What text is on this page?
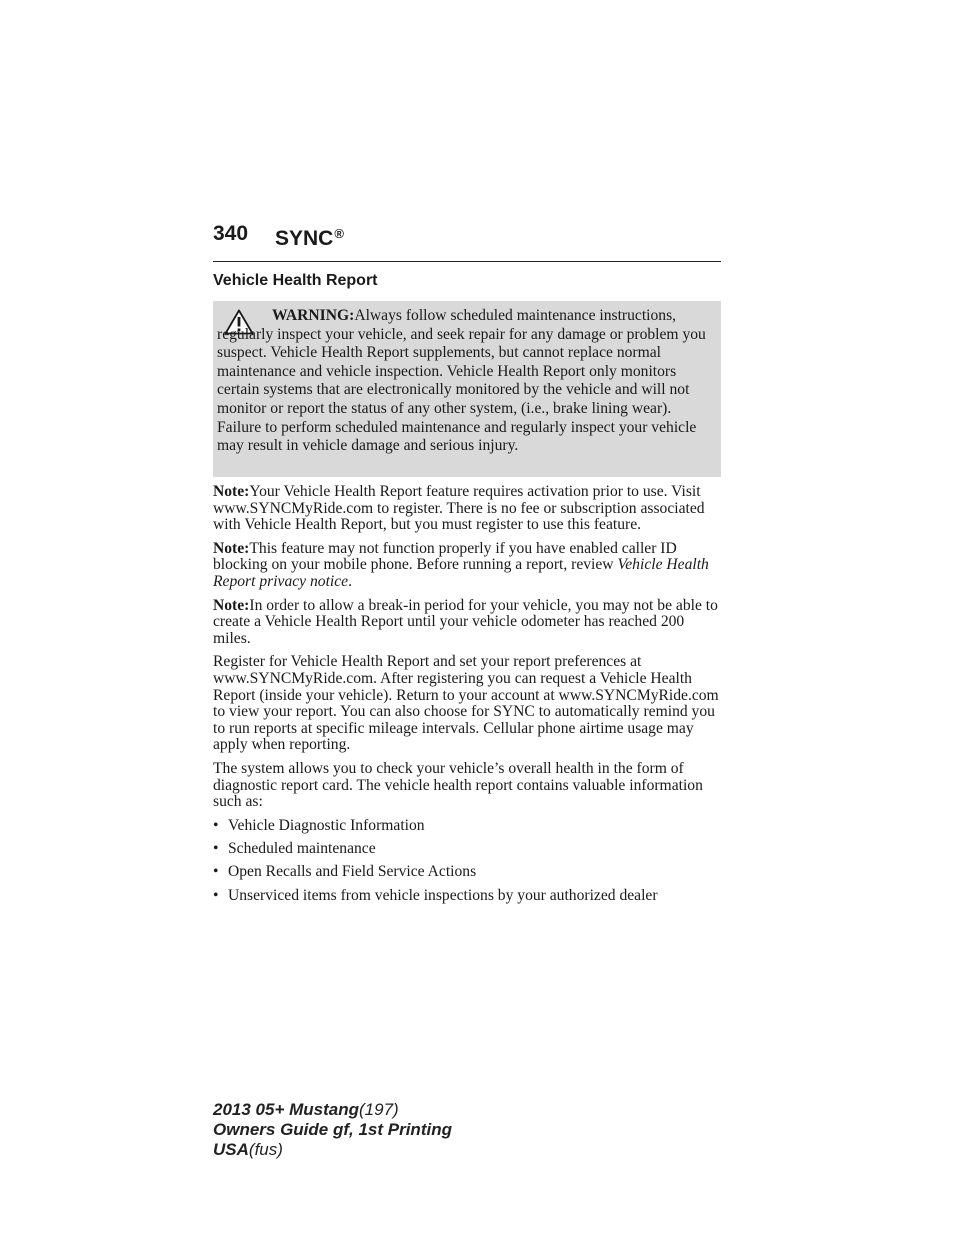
340 SYNC®
Vehicle Health Report

WARNING:Always follow scheduled maintenance instructions, regularly inspect your vehicle, and seek repair for any damage or problem you suspect. Vehicle Health Report supplements, but cannot replace normal maintenance and vehicle inspection. Vehicle Health Report only monitors certain systems that are electronically monitored by the vehicle and will not monitor or report the status of any other system, (i.e., brake lining wear). Failure to perform scheduled maintenance and regularly inspect your vehicle may result in vehicle damage and serious injury.

Note:Your Vehicle Health Report feature requires activation prior to use. Visit www.SYNCMyRide.com to register. There is no fee or subscription associated with Vehicle Health Report, but you must register to use this feature.

Note:This feature may not function properly if you have enabled caller ID blocking on your mobile phone. Before running a report, review Vehicle Health Report privacy notice.

Note:In order to allow a break-in period for your vehicle, you may not be able to create a Vehicle Health Report until your vehicle odometer has reached 200 miles.

Register for Vehicle Health Report and set your report preferences at www.SYNCMyRide.com. After registering you can request a Vehicle Health Report (inside your vehicle). Return to your account at www.SYNCMyRide.com to view your report. You can also choose for SYNC to automatically remind you to run reports at specific mileage intervals. Cellular phone airtime usage may apply when reporting.

The system allows you to check your vehicle’s overall health in the form of diagnostic report card. The vehicle health report contains valuable information such as:

• Vehicle Diagnostic Information
• Scheduled maintenance
• Open Recalls and Field Service Actions
• Unserviced items from vehicle inspections by your authorized dealer
2013 05+ Mustang(197)
Owners Guide gf, 1st Printing
USA(fus)
